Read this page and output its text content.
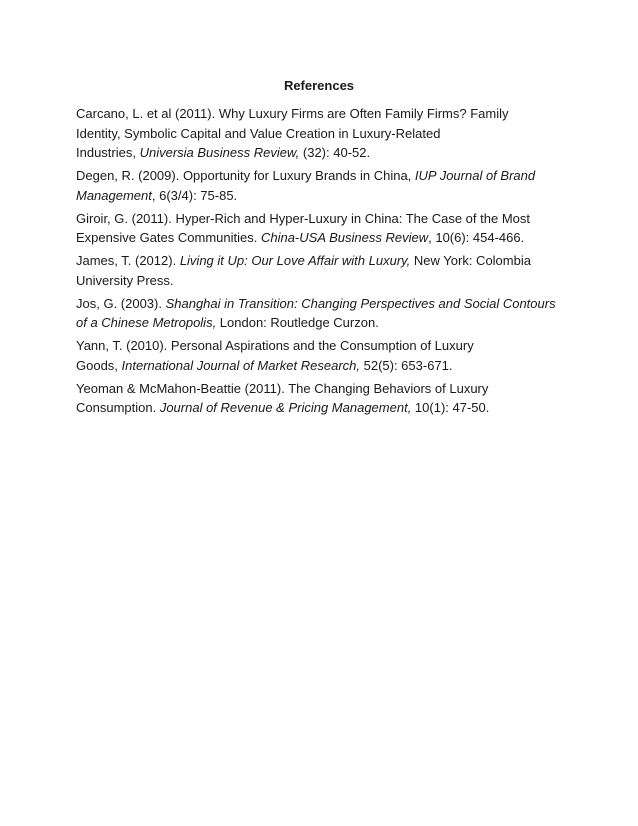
References
Carcano, L. et al (2011). Why Luxury Firms are Often Family Firms? Family
Identity, Symbolic Capital and Value Creation in Luxury-Related
Industries, Universia Business Review, (32): 40-52.
Degen, R. (2009). Opportunity for Luxury Brands in China, IUP Journal of Brand
Management, 6(3/4): 75-85.
Giroir, G. (2011). Hyper-Rich and Hyper-Luxury in China: The Case of the Most
Expensive Gates Communities. China-USA Business Review, 10(6): 454-466.
James, T. (2012). Living it Up: Our Love Affair with Luxury, New York: Colombia
University Press.
Jos, G. (2003). Shanghai in Transition: Changing Perspectives and Social Contours
of a Chinese Metropolis, London: Routledge Curzon.
Yann, T. (2010). Personal Aspirations and the Consumption of Luxury
Goods, International Journal of Market Research, 52(5): 653-671.
Yeoman & McMahon-Beattie (2011). The Changing Behaviors of Luxury
Consumption. Journal of Revenue & Pricing Management, 10(1): 47-50.
